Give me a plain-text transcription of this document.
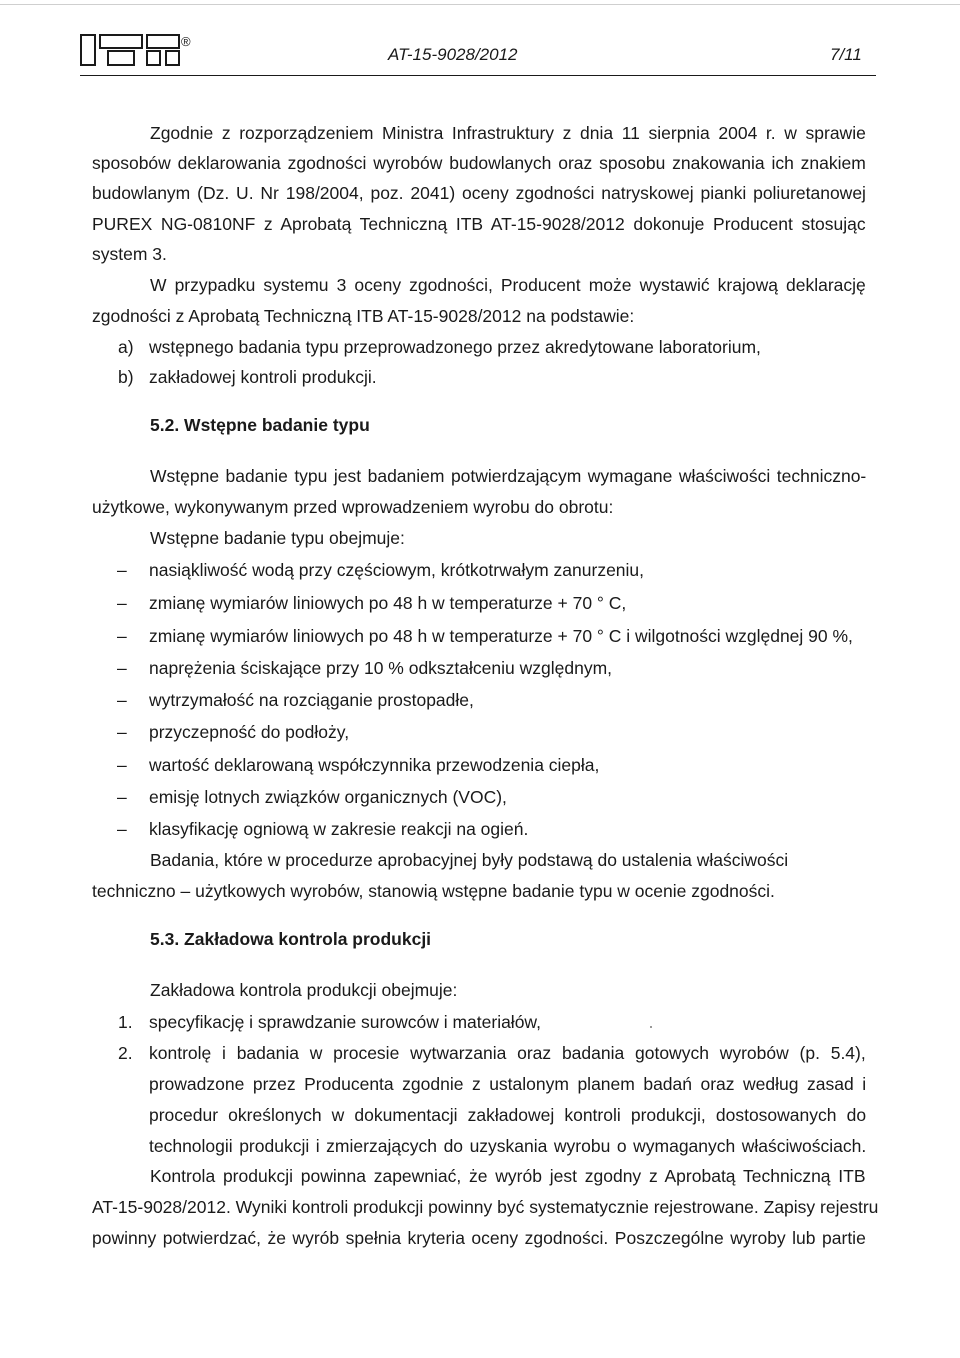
®
AT-15-9028/2012	7/11
Zgodnie z rozporządzeniem Ministra Infrastruktury z dnia 11 sierpnia 2004 r. w sprawie
sposobów deklarowania zgodności wyrobów budowlanych oraz sposobu znakowania ich znakiem
budowlanym (Dz. U. Nr 198/2004, poz. 2041) oceny zgodności natryskowej pianki poliuretanowej
PUREX NG-0810NF z Aprobatą Techniczną ITB AT-15-9028/2012 dokonuje Producent stosując
system 3.
W przypadku systemu 3 oceny zgodności, Producent może wystawić krajową deklarację
zgodności z Aprobatą Techniczną ITB AT-15-9028/2012 na podstawie:
a) wstępnego badania typu przeprowadzonego przez akredytowane laboratorium,
b) zakładowej kontroli produkcji.
5.2. Wstępne badanie typu
Wstępne badanie typu jest badaniem potwierdzającym wymagane właściwości techniczno-
użytkowe, wykonywanym przed wprowadzeniem wyrobu do obrotu:
Wstępne badanie typu obejmuje:
– nasiąkliwość wodą przy częściowym, krótkotrwałym zanurzeniu,
– zmianę wymiarów liniowych po 48 h w temperaturze + 70 ° C,
– zmianę wymiarów liniowych po 48 h w temperaturze + 70 ° C i wilgotności względnej 90 %,
– naprężenia ściskające przy 10 % odkształceniu względnym,
– wytrzymałość na rozciąganie prostopadłe,
– przyczepność do podłoży,
– wartość deklarowaną współczynnika przewodzenia ciepła,
– emisję lotnych związków organicznych (VOC),
– klasyfikację ogniową w zakresie reakcji na ogień.
Badania, które w procedurze aprobacyjnej były podstawą do ustalenia właściwości
techniczno – użytkowych wyrobów, stanowią wstępne badanie typu w ocenie zgodności.
5.3. Zakładowa kontrola produkcji
Zakładowa kontrola produkcji obejmuje:
1. specyfikację i sprawdzanie surowców i materiałów,
2. kontrolę i badania w procesie wytwarzania oraz badania gotowych wyrobów (p. 5.4),
prowadzone przez Producenta zgodnie z ustalonym planem badań oraz według zasad i
procedur określonych w dokumentacji zakładowej kontroli produkcji, dostosowanych do
technologii produkcji i zmierzających do uzyskania wyrobu o wymaganych właściwościach.
Kontrola produkcji powinna zapewniać, że wyrób jest zgodny z Aprobatą Techniczną ITB
AT-15-9028/2012. Wyniki kontroli produkcji powinny być systematycznie rejestrowane. Zapisy rejestru
powinny potwierdzać, że wyrób spełnia kryteria oceny zgodności. Poszczególne wyroby lub partie
